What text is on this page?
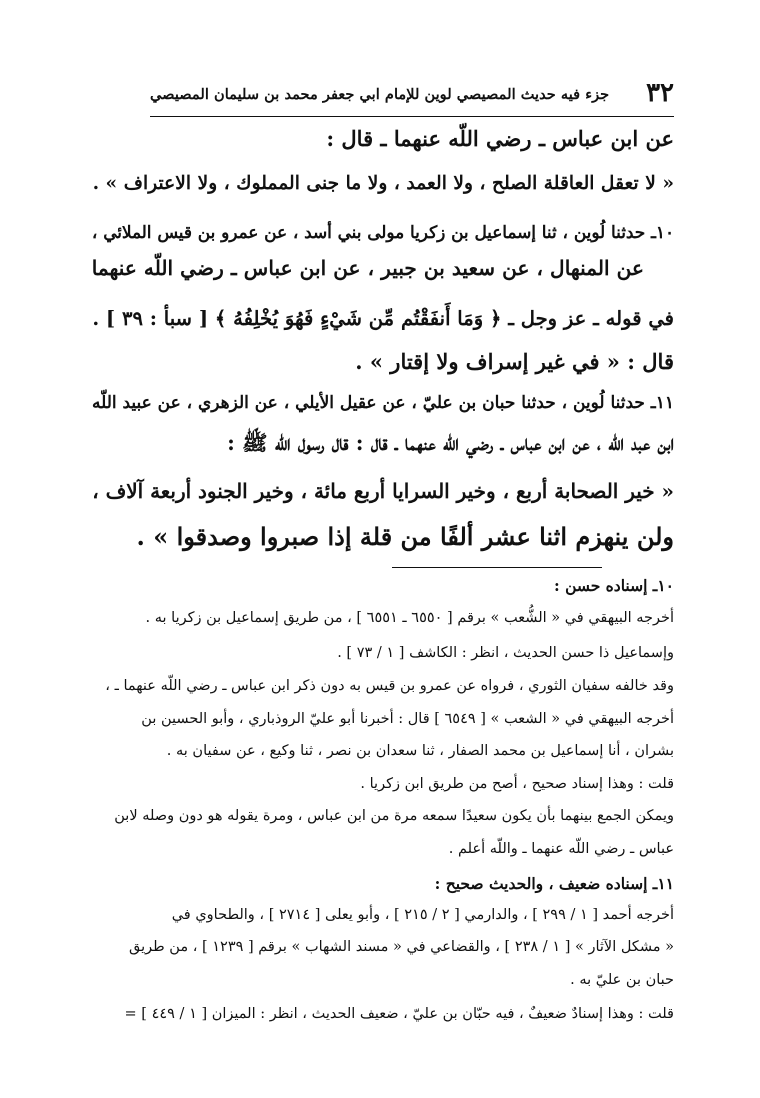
٣٢
جزء فيه حديث المصيصي لوين للإمام ابي جعفر محمد بن سليمان المصيصي
عن ابن عباس ـ رضي اللّه عنهما ـ قال :
« لا تعقل العاقلة الصلح ، ولا العمد ، ولا ما جنى المملوك ، ولا الاعتراف » .
١٠ـ حدثنا لُوين ، ثنا إسماعيل بن زكريا مولى بني أسد ، عن عمرو بن قيس الملائي ،
عن المنهال ، عن سعيد بن جبير ، عن ابن عباس ـ رضي اللّه عنهما
في قوله ـ عز وجل ـ ﴿ وَمَا أَنفَقْتُم مِّن شَيْءٍ فَهُوَ يُخْلِفُهُ ﴾ [ سبأ : ٣٩ ] .
قال : « في غير إسراف ولا إقتار » .
١١ـ حدثنا لُوين ، حدثنا حبان بن عليّ ، عن عقيل الأيلي ، عن الزهري ، عن عبيد اللّه
ابن عبد اللّه ، عن ابن عباس ـ رضي اللّه عنهما ـ قال : قال رسول اللّه ﷺ :
« خير الصحابة أربع ، وخير السرايا أربع مائة ، وخير الجنود أربعة آلاف ،
ولن ينهزم اثنا عشر ألفًا من قلة إذا صبروا وصدقوا » .
١٠ـ إسناده حسن :
أخرجه البيهقي في « الشُّعب » برقم [ ٦٥٥٠ ـ ٦٥٥١ ] ، من طريق إسماعيل بن زكريا به .
وإسماعيل ذا حسن الحديث ، انظر : الكاشف [ ١ / ٧٣ ] .
وقد خالفه سفيان الثوري ، فرواه عن عمرو بن قيس به دون ذكر ابن عباس ـ رضي اللّه عنهما ـ ،
أخرجه البيهقي في « الشعب » [ ٦٥٤٩ ] قال : أخبرنا أبو عليّ الروذباري ، وأبو الحسين بن
بشران ، أنا إسماعيل بن محمد الصفار ، ثنا سعدان بن نصر ، ثنا وكيع ، عن سفيان به .
قلت : وهذا إسناد صحيح ، أصح من طريق ابن زكريا .
ويمكن الجمع بينهما بأن يكون سعيدًا سمعه مرة من ابن عباس ، ومرة يقوله هو دون وصله لابن
عباس ـ رضي اللّه عنهما ـ واللّه أعلم .
١١ـ إسناده ضعيف ، والحديث صحيح :
أخرجه أحمد [ ١ / ٢٩٩ ] ، والدارمي [ ٢ / ٢١٥ ] ، وأبو يعلى [ ٢٧١٤ ] ، والطحاوي في
« مشكل الآثار » [ ١ / ٢٣٨ ] ، والقضاعي في « مسند الشهاب » برقم [ ١٢٣٩ ] ، من طريق
حبان بن عليّ به .
قلت : وهذا إسنادٌ ضعيفٌ ، فيه حبّان بن عليّ ، ضعيف الحديث ، انظر : الميزان [ ١ / ٤٤٩ ] =
